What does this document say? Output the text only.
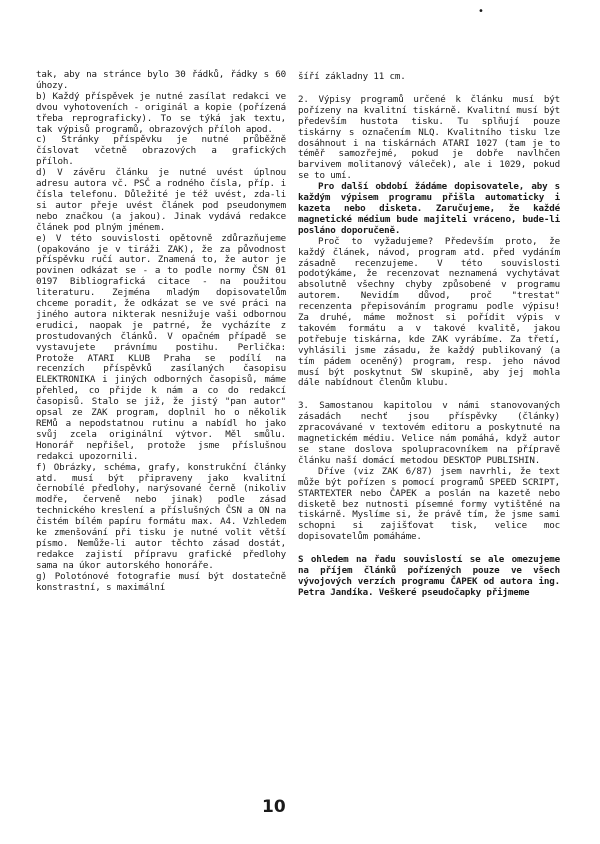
•

tak, aby na stránce bylo 30 řádků, řádky s 60 úhozy.

b) Každý příspěvek je nutné zasílat redakci ve dvou vyhotoveních - originál a kopie (pořízená třeba reprograficky). To se týká jak textu, tak výpisů programů, obrazových příloh apod.

c) Stránky příspěvku je nutné průběžně číslovat včetně obrazových a grafických příloh.

d) V závěru článku je nutné uvést úplnou adresu autora vč. PSČ a rodného čísla, příp. i čísla telefonu. Důležité je též uvést, zda-li si autor přeje uvést článek pod pseudonymem nebo značkou (a jakou). Jinak vydává redakce článek pod plným jménem.

e) V této souvislosti opětovně zdůrazňujeme (opakováno je v tiráži ZAK), že za původnost příspěvku ručí autor. Znamená to, že autor je povinen odkázat se - a to podle normy ČSN 01 0197 Bibliografická citace - na použitou literaturu. Zejména mladým dopisovatelům chceme poradit, že odkázat se ve své práci na jiného autora nikterak nesnižuje vaši odbornou erudici, naopak je patrné, že vycházíte z prostudovaných článků. V opačném případě se vystavujete právnímu postihu. Perlička: Protože ATARI KLUB Praha se podílí na recenzích příspěvků zasílaných časopisu ELEKTRONIKA i jiných odborných časopisů, máme přehled, co přijde k nám a co do redakcí časopisů. Stalo se již, že jistý "pan autor" opsal ze ZAK program, doplnil ho o několik REMů a nepodstatnou rutinu a nabídl ho jako svůj zcela originální výtvor. Měl smůlu. Honorář nepřišel, protože jsme příslušnou redakci upozornili.

f) Obrázky, schéma, grafy, konstrukční články atd. musí být připraveny jako kvalitní černobílé předlohy, narýsované černě (nikoliv modře, červeně nebo jinak) podle zásad technického kreslení a příslušných ČSN a ON na čistém bílém papíru formátu max. A4. Vzhledem ke zmenšování při tisku je nutné volit větší písmo. Nemůže-li autor těchto zásad dostát, redakce zajistí přípravu grafické předlohy sama na úkor autorského honoráře.

g) Polotónové fotografie musí být dostatečně konstrastní, s maximální

šíří základny 11 cm.

2. Výpisy programů určené k článku musí být pořízeny na kvalitní tiskárně. Kvalitní musí být především hustota tisku. Tu splňují pouze tiskárny s označením NLQ. Kvalitního tisku lze dosáhnout i na tiskárnách ATARI 1027 (tam je to téměř samozřejmé, pokud je dobře navlhčen barvivem molitanový váleček), ale i 1029, pokud se to umí.

Pro další období žádáme dopisovatele, aby s každým výpisem programu přišla automaticky i kazeta nebo disketa. Zaručujeme, že každé magnetické médium bude majiteli vráceno, bude-li posláno doporučeně.

Proč to vyžadujeme? Především proto, že každý článek, návod, program atd. před vydáním zásadně recenzujeme. V této souvislosti podotýkáme, že recenzovat neznamená vychytávat absolutně všechny chyby způsobené v programu autorem. Nevidím důvod, proč "trestat" recenzenta přepisováním programu podle výpisu! Za druhé, máme možnost si pořídit výpis v takovém formátu a v takové kvalitě, jakou potřebuje tiskárna, kde ZAK vyrábíme. Za třetí, vyhlásili jsme zásadu, že každý publikovaný (a tím pádem oceněný) program, resp. jeho návod musí být poskytnut SW skupině, aby jej mohla dále nabídnout členům klubu.

3. Samostanou kapitolou v námi stanovovaných zásadách nechť jsou příspěvky (články) zpracovávané v textovém editoru a poskytnuté na magnetickém médiu. Velice nám pomáhá, když autor se stane doslova spolupracovníkem na přípravě článku naší domácí metodou DESKTOP PUBLISHIN.

Dříve (viz ZAK 6/87) jsem navrhli, že text může být pořízen s pomocí programů SPEED SCRIPT, STARTEXTER nebo ČAPEK a poslán na kazetě nebo disketě bez nutnosti písemné formy vytištěné na tiskárně. Myslíme si, že právě tím, že jsme sami schopni si zajišťovat tisk, velice moc dopisovatelům pomáháme.

S ohledem na řadu souvislostí se ale omezujeme na příjem článků pořízených pouze ve všech vývojových verzích programu ČAPEK od autora ing. Petra Jandíka. Veškeré pseudočapky přijmeme

10
